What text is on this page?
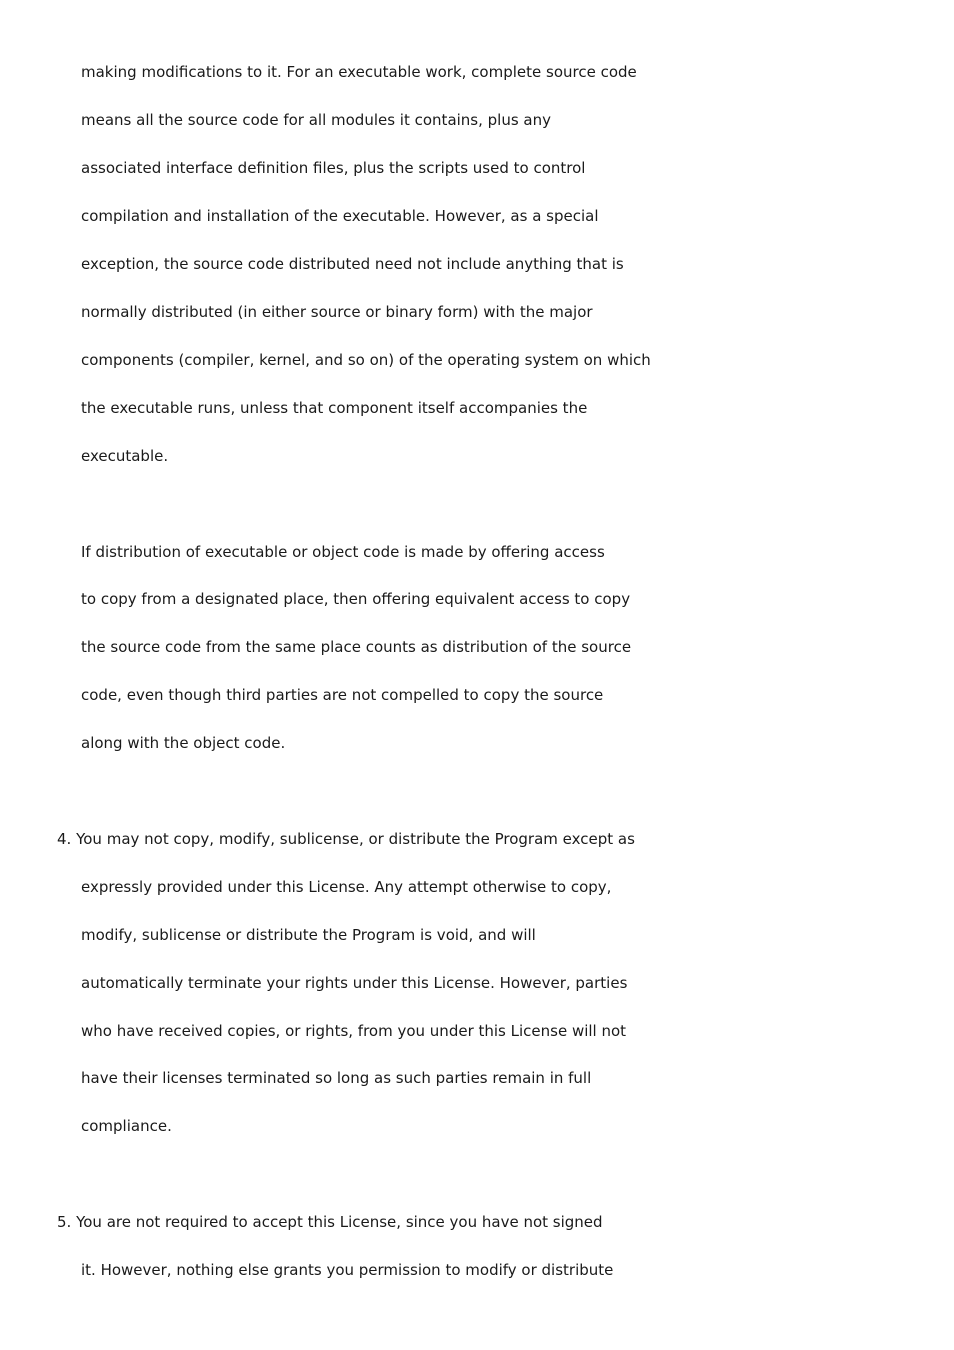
making modifications to it. For an executable work, complete source code
means all the source code for all modules it contains, plus any
associated interface definition files, plus the scripts used to control
compilation and installation of the executable. However, as a special
exception, the source code distributed need not include anything that is
normally distributed (in either source or binary form) with the major
components (compiler, kernel, and so on) of the operating system on which
the executable runs, unless that component itself accompanies the
executable.
If distribution of executable or object code is made by offering access
to copy from a designated place, then offering equivalent access to copy
the source code from the same place counts as distribution of the source
code, even though third parties are not compelled to copy the source
along with the object code.
4. You may not copy, modify, sublicense, or distribute the Program except as
expressly provided under this License. Any attempt otherwise to copy,
modify, sublicense or distribute the Program is void, and will
automatically terminate your rights under this License. However, parties
who have received copies, or rights, from you under this License will not
have their licenses terminated so long as such parties remain in full
compliance.
5. You are not required to accept this License, since you have not signed
it. However, nothing else grants you permission to modify or distribute
